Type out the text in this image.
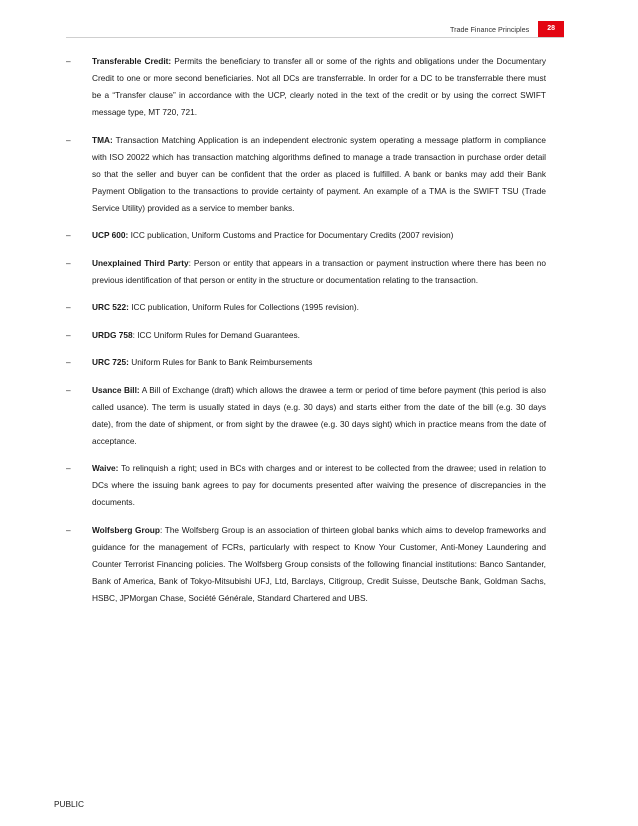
Trade Finance Principles	28
–	Transferable Credit: Permits the beneficiary to transfer all or some of the rights and obligations under the Documentary Credit to one or more second beneficiaries. Not all DCs are transferrable. In order for a DC to be transferrable there must be a “Transfer clause” in accordance with the UCP, clearly noted in the text of the credit or by using the correct SWIFT message type, MT 720, 721.
–	TMA: Transaction Matching Application is an independent electronic system operating a message platform in compliance with ISO 20022 which has transaction matching algorithms defined to manage a trade transaction in purchase order detail so that the seller and buyer can be confident that the order as placed is fulfilled. A bank or banks may add their Bank Payment Obligation to the transactions to provide certainty of payment. An example of a TMA is the SWIFT TSU (Trade Service Utility) provided as a service to member banks.
–	UCP 600: ICC publication, Uniform Customs and Practice for Documentary Credits (2007 revision)
–	Unexplained Third Party: Person or entity that appears in a transaction or payment instruction where there has been no previous identification of that person or entity in the structure or documentation relating to the transaction.
–	URC 522: ICC publication, Uniform Rules for Collections (1995 revision).
–	URDG 758: ICC Uniform Rules for Demand Guarantees.
–	URC 725: Uniform Rules for Bank to Bank Reimbursements
–	Usance Bill: A Bill of Exchange (draft) which allows the drawee a term or period of time before payment (this period is also called usance). The term is usually stated in days (e.g. 30 days) and starts either from the date of the bill (e.g. 30 days date), from the date of shipment, or from sight by the drawee (e.g. 30 days sight) which in practice means from the date of acceptance.
–	Waive: To relinquish a right; used in BCs with charges and or interest to be collected from the drawee; used in relation to DCs where the issuing bank agrees to pay for documents presented after waiving the presence of discrepancies in the documents.
–	Wolfsberg Group: The Wolfsberg Group is an association of thirteen global banks which aims to develop frameworks and guidance for the management of FCRs, particularly with respect to Know Your Customer, Anti-Money Laundering and Counter Terrorist Financing policies. The Wolfsberg Group consists of the following financial institutions: Banco Santander, Bank of America, Bank of Tokyo-Mitsubishi UFJ, Ltd, Barclays, Citigroup, Credit Suisse, Deutsche Bank, Goldman Sachs, HSBC, JPMorgan Chase, Société Générale, Standard Chartered and UBS.
PUBLIC
